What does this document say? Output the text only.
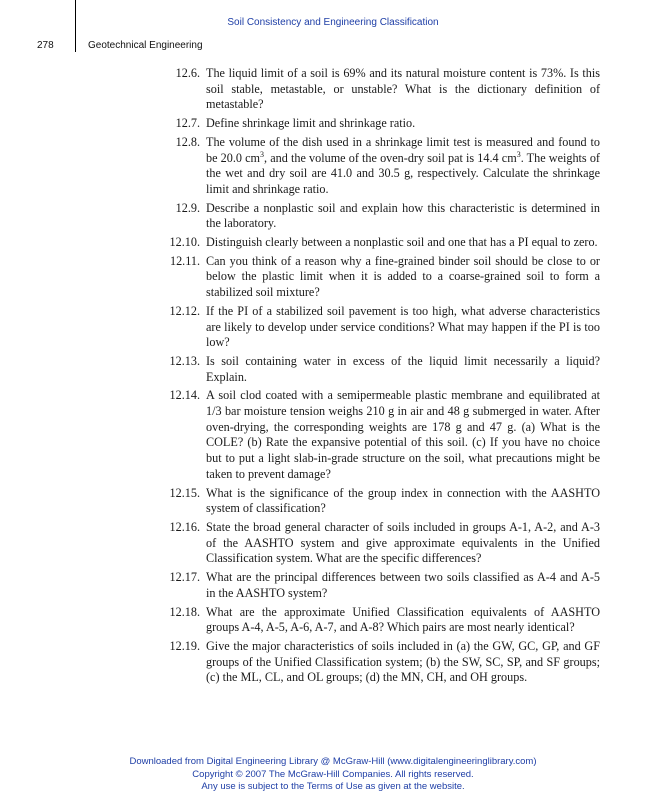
Soil Consistency and Engineering Classification
278	Geotechnical Engineering
12.6. The liquid limit of a soil is 69% and its natural moisture content is 73%. Is this soil stable, metastable, or unstable? What is the dictionary definition of metastable?
12.7. Define shrinkage limit and shrinkage ratio.
12.8. The volume of the dish used in a shrinkage limit test is measured and found to be 20.0 $cm^3$, and the volume of the oven-dry soil pat is 14.4 $cm^3$. The weights of the wet and dry soil are 41.0 and 30.5 g, respectively. Calculate the shrinkage limit and shrinkage ratio.
12.9. Describe a nonplastic soil and explain how this characteristic is determined in the laboratory.
12.10. Distinguish clearly between a nonplastic soil and one that has a PI equal to zero.
12.11. Can you think of a reason why a fine-grained binder soil should be close to or below the plastic limit when it is added to a coarse-grained soil to form a stabilized soil mixture?
12.12. If the PI of a stabilized soil pavement is too high, what adverse characteristics are likely to develop under service conditions? What may happen if the PI is too low?
12.13. Is soil containing water in excess of the liquid limit necessarily a liquid? Explain.
12.14. A soil clod coated with a semipermeable plastic membrane and equilibrated at 1/3 bar moisture tension weighs 210 g in air and 48 g submerged in water. After oven-drying, the corresponding weights are 178 g and 47 g. (a) What is the COLE? (b) Rate the expansive potential of this soil. (c) If you have no choice but to put a light slab-in-grade structure on the soil, what precautions might be taken to prevent damage?
12.15. What is the significance of the group index in connection with the AASHTO system of classification?
12.16. State the broad general character of soils included in groups A-1, A-2, and A-3 of the AASHTO system and give approximate equivalents in the Unified Classification system. What are the specific differences?
12.17. What are the principal differences between two soils classified as A-4 and A-5 in the AASHTO system?
12.18. What are the approximate Unified Classification equivalents of AASHTO groups A-4, A-5, A-6, A-7, and A-8? Which pairs are most nearly identical?
12.19. Give the major characteristics of soils included in (a) the GW, GC, GP, and GF groups of the Unified Classification system; (b) the SW, SC, SP, and SF groups; (c) the ML, CL, and OL groups; (d) the MN, CH, and OH groups.
Downloaded from Digital Engineering Library @ McGraw-Hill (www.digitalengineeringlibrary.com)
Copyright © 2007 The McGraw-Hill Companies. All rights reserved.
Any use is subject to the Terms of Use as given at the website.
